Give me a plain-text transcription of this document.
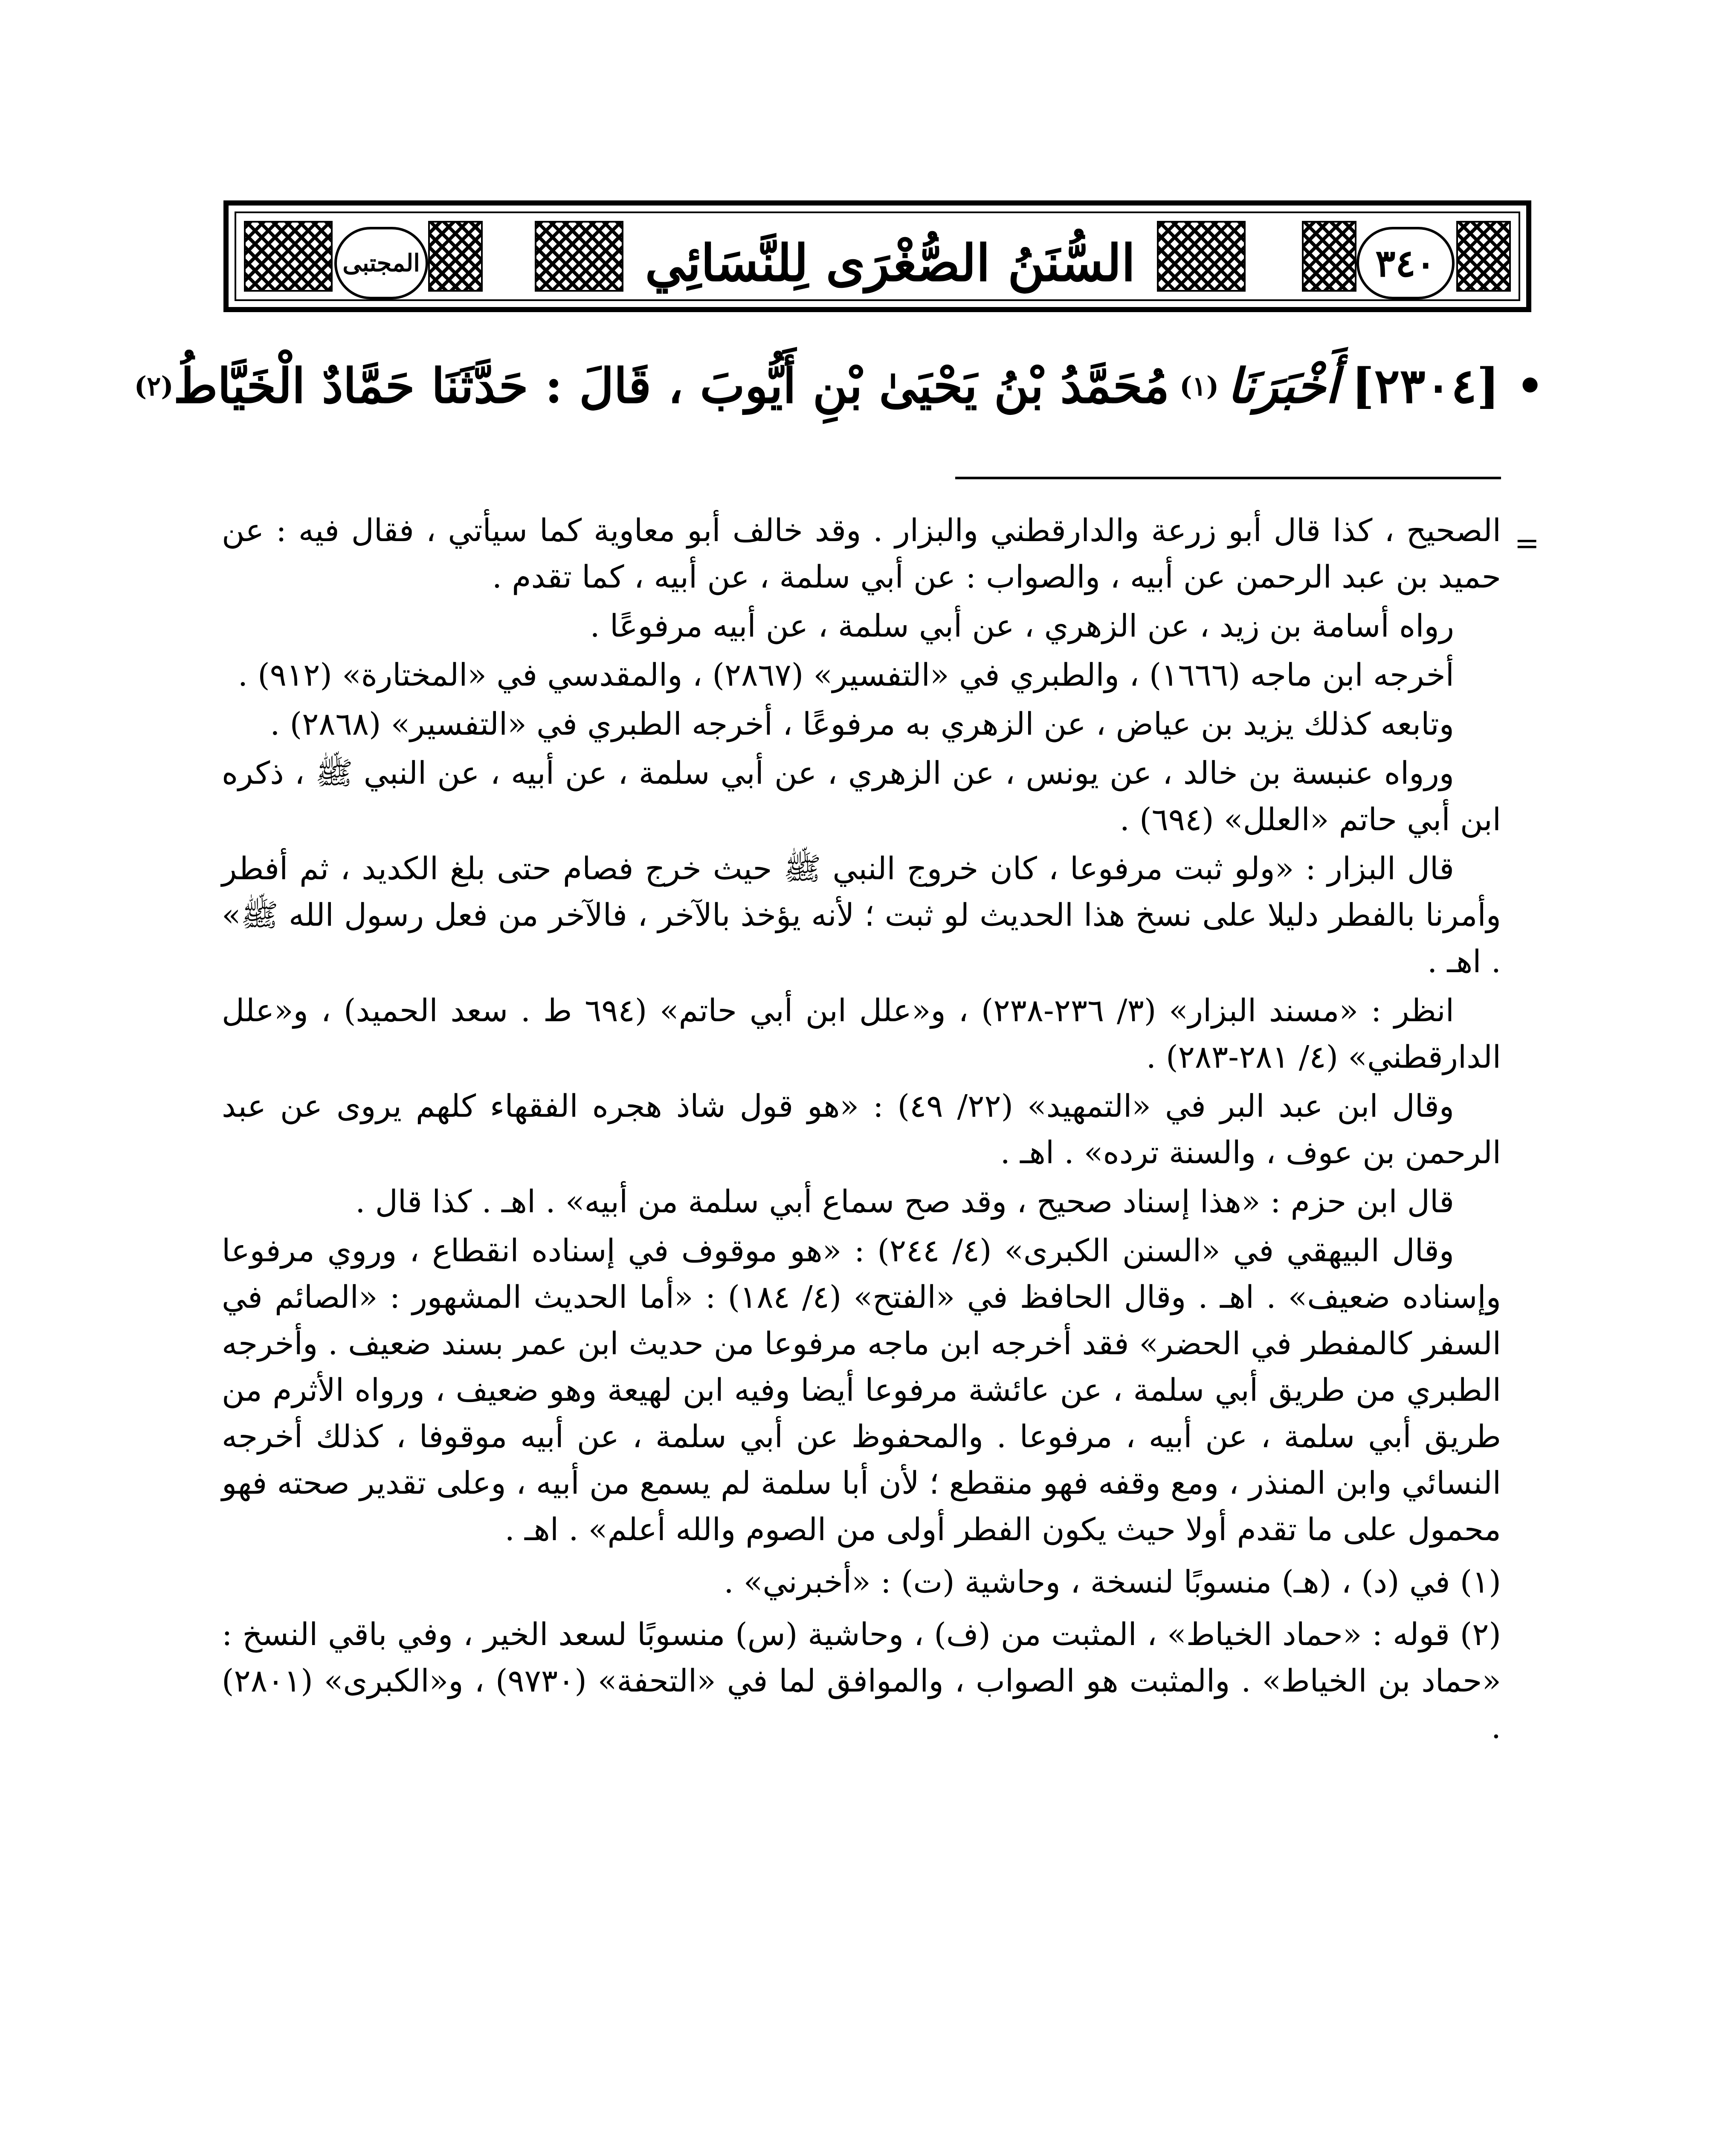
المجتبى	السُّنَنُ الصُّغْرَى لِلنَّسَائِي	٣٤٠
•
[٢٣٠٤]
أَخْبَرَنَا
(١)
مُحَمَّدُ بْنُ يَحْيَىٰ بْنِ أَيُّوبَ ، قَالَ : حَدَّثَنَا حَمَّادٌ الْخَيَّاطُ
(٢)
=

الصحيح ، كذا قال أبو زرعة والدارقطني والبزار . وقد خالف أبو معاوية كما سيأتي ، فقال فيه : عن حميد بن عبد الرحمن عن أبيه ، والصواب : عن أبي سلمة ، عن أبيه ، كما تقدم .

رواه أسامة بن زيد ، عن الزهري ، عن أبي سلمة ، عن أبيه مرفوعًا .

أخرجه ابن ماجه (١٦٦٦) ، والطبري في «التفسير» (٢٨٦٧) ، والمقدسي في «المختارة» (٩١٢) .

وتابعه كذلك يزيد بن عياض ، عن الزهري به مرفوعًا ، أخرجه الطبري في «التفسير» (٢٨٦٨) .

ورواه عنبسة بن خالد ، عن يونس ، عن الزهري ، عن أبي سلمة ، عن أبيه ، عن النبي ﷺ ، ذكره ابن أبي حاتم «العلل» (٦٩٤) .

قال البزار : «ولو ثبت مرفوعا ، كان خروج النبي ﷺ حيث خرج فصام حتى بلغ الكديد ، ثم أفطر وأمرنا بالفطر دليلا على نسخ هذا الحديث لو ثبت ؛ لأنه يؤخذ بالآخر ، فالآخر من فعل رسول الله ﷺ» . اهـ .

انظر : «مسند البزار» (٣/ ٢٣٦-٢٣٨) ، و«علل ابن أبي حاتم» (٦٩٤ ط . سعد الحميد) ، و«علل الدارقطني» (٤/ ٢٨١-٢٨٣) .

وقال ابن عبد البر في «التمهيد» (٢٢/ ٤٩) : «هو قول شاذ هجره الفقهاء كلهم يروى عن عبد الرحمن بن عوف ، والسنة ترده» . اهـ .

قال ابن حزم : «هذا إسناد صحيح ، وقد صح سماع أبي سلمة من أبيه» . اهـ . كذا قال .

وقال البيهقي في «السنن الكبرى» (٤/ ٢٤٤) : «هو موقوف في إسناده انقطاع ، وروي مرفوعا وإسناده ضعيف» . اهـ . وقال الحافظ في «الفتح» (٤/ ١٨٤) : «أما الحديث المشهور : «الصائم في السفر كالمفطر في الحضر» فقد أخرجه ابن ماجه مرفوعا من حديث ابن عمر بسند ضعيف . وأخرجه الطبري من طريق أبي سلمة ، عن عائشة مرفوعا أيضا وفيه ابن لهيعة وهو ضعيف ، ورواه الأثرم من طريق أبي سلمة ، عن أبيه ، مرفوعا . والمحفوظ عن أبي سلمة ، عن أبيه موقوفا ، كذلك أخرجه النسائي وابن المنذر ، ومع وقفه فهو منقطع ؛ لأن أبا سلمة لم يسمع من أبيه ، وعلى تقدير صحته فهو محمول على ما تقدم أولا حيث يكون الفطر أولى من الصوم والله أعلم» . اهـ .

(١) في (د) ، (هـ) منسوبًا لنسخة ، وحاشية (ت) : «أخبرني» .

(٢) قوله : «حماد الخياط» ، المثبت من (ف) ، وحاشية (س) منسوبًا لسعد الخير ، وفي باقي النسخ : «حماد بن الخياط» . والمثبت هو الصواب ، والموافق لما في «التحفة» (٩٧٣٠) ، و«الكبرى» (٢٨٠١) .
